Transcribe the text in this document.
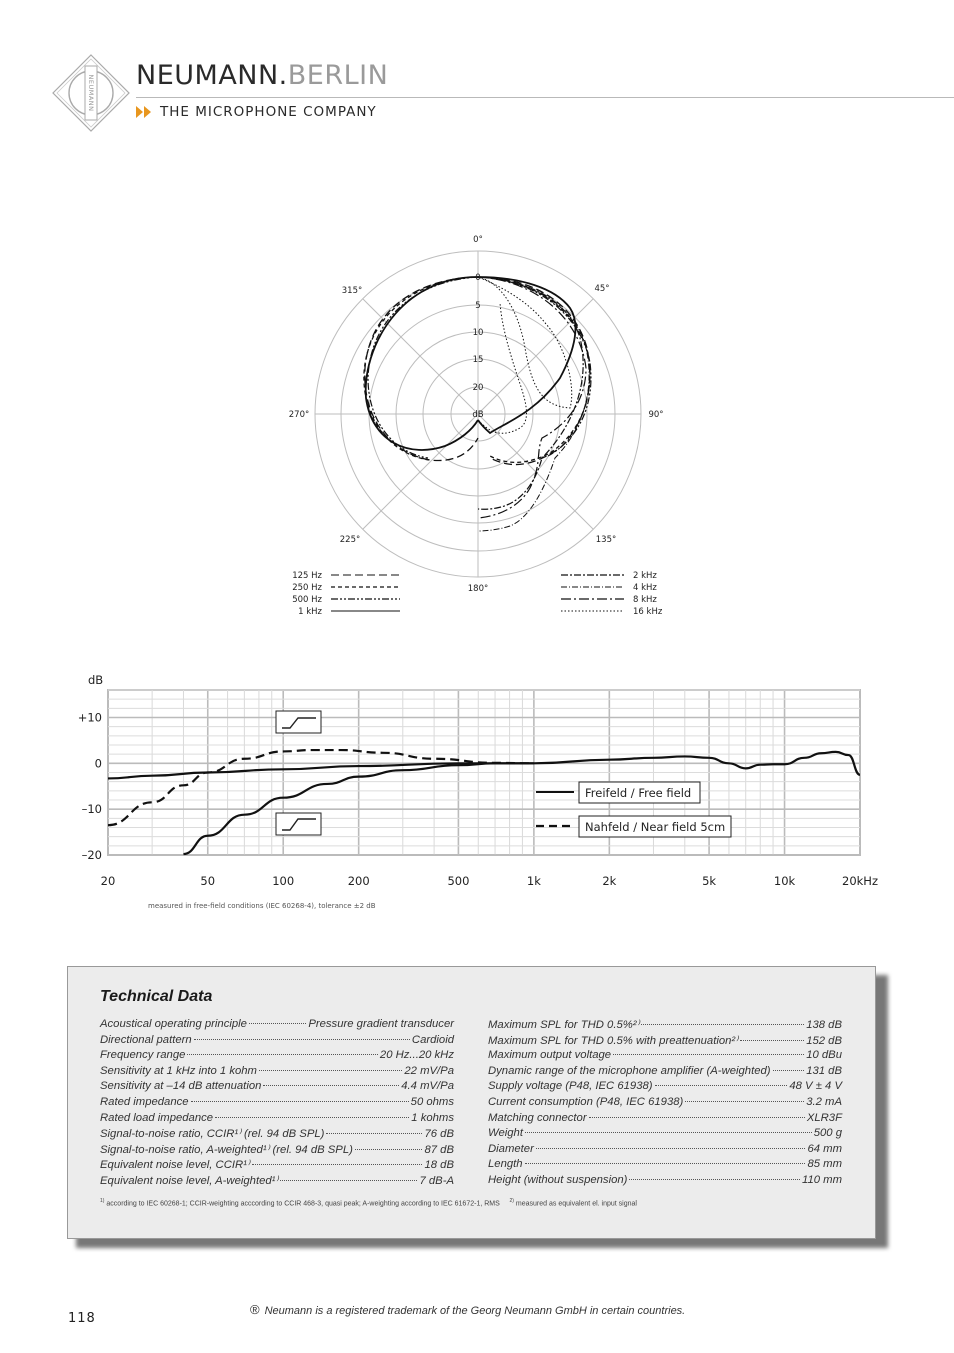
NEUMANN NEUMANN.BERLIN
THE MICROPHONE COMPANY
0°
45°
90°
135°
180°
225°
270°
315°
0
5
10
15
20
dB
125 Hz
250 Hz
500 Hz
1 kHz
2 kHz
4 kHz
8 kHz
16 kHz
dB
+10
0
–10
–20
20	50	100	200	500	1k	2k	5k	10k	20kHz
Freifeld / Free field
Nahfeld / Near field 5cm
measured in free-field conditions (IEC 60268-4), tolerance ±2 dB
Technical Data
Acoustical operating principle	Pressure gradient transducer
Directional pattern	Cardioid
Frequency range	20 Hz...20 kHz
Sensitivity at 1 kHz into 1 kohm	22 mV/Pa
Sensitivity at –14 dB attenuation	4.4 mV/Pa
Rated impedance	50 ohms
Rated load impedance	1 kohms
Signal-to-noise ratio, CCIR¹⁾ (rel. 94 dB SPL)	76 dB
Signal-to-noise ratio, A-weighted¹⁾ (rel. 94 dB SPL)	87 dB
Equivalent noise level, CCIR¹⁾	18 dB
Equivalent noise level, A-weighted¹⁾	7 dB-A
Maximum SPL for THD 0.5%²⁾	138 dB
Maximum SPL for THD 0.5% with preattenuation²⁾	152 dB
Maximum output voltage	10 dBu
Dynamic range of the microphone amplifier (A-weighted)	131 dB
Supply voltage (P48, IEC 61938)	48 V ± 4 V
Current consumption (P48, IEC 61938)	3.2 mA
Matching connector	XLR3F
Weight	500 g
Diameter	64 mm
Length	85 mm
Height (without suspension)	110 mm
$^{1)}$ according to IEC 60268-1; CCIR-weighting acccording to CCIR 468-3, quasi peak; A-weighting according to IEC 61672-1, RMS $^{2)}$ measured as equivalent el. input signal
118
® Neumann is a registered trademark of the Georg Neumann GmbH in certain countries.
